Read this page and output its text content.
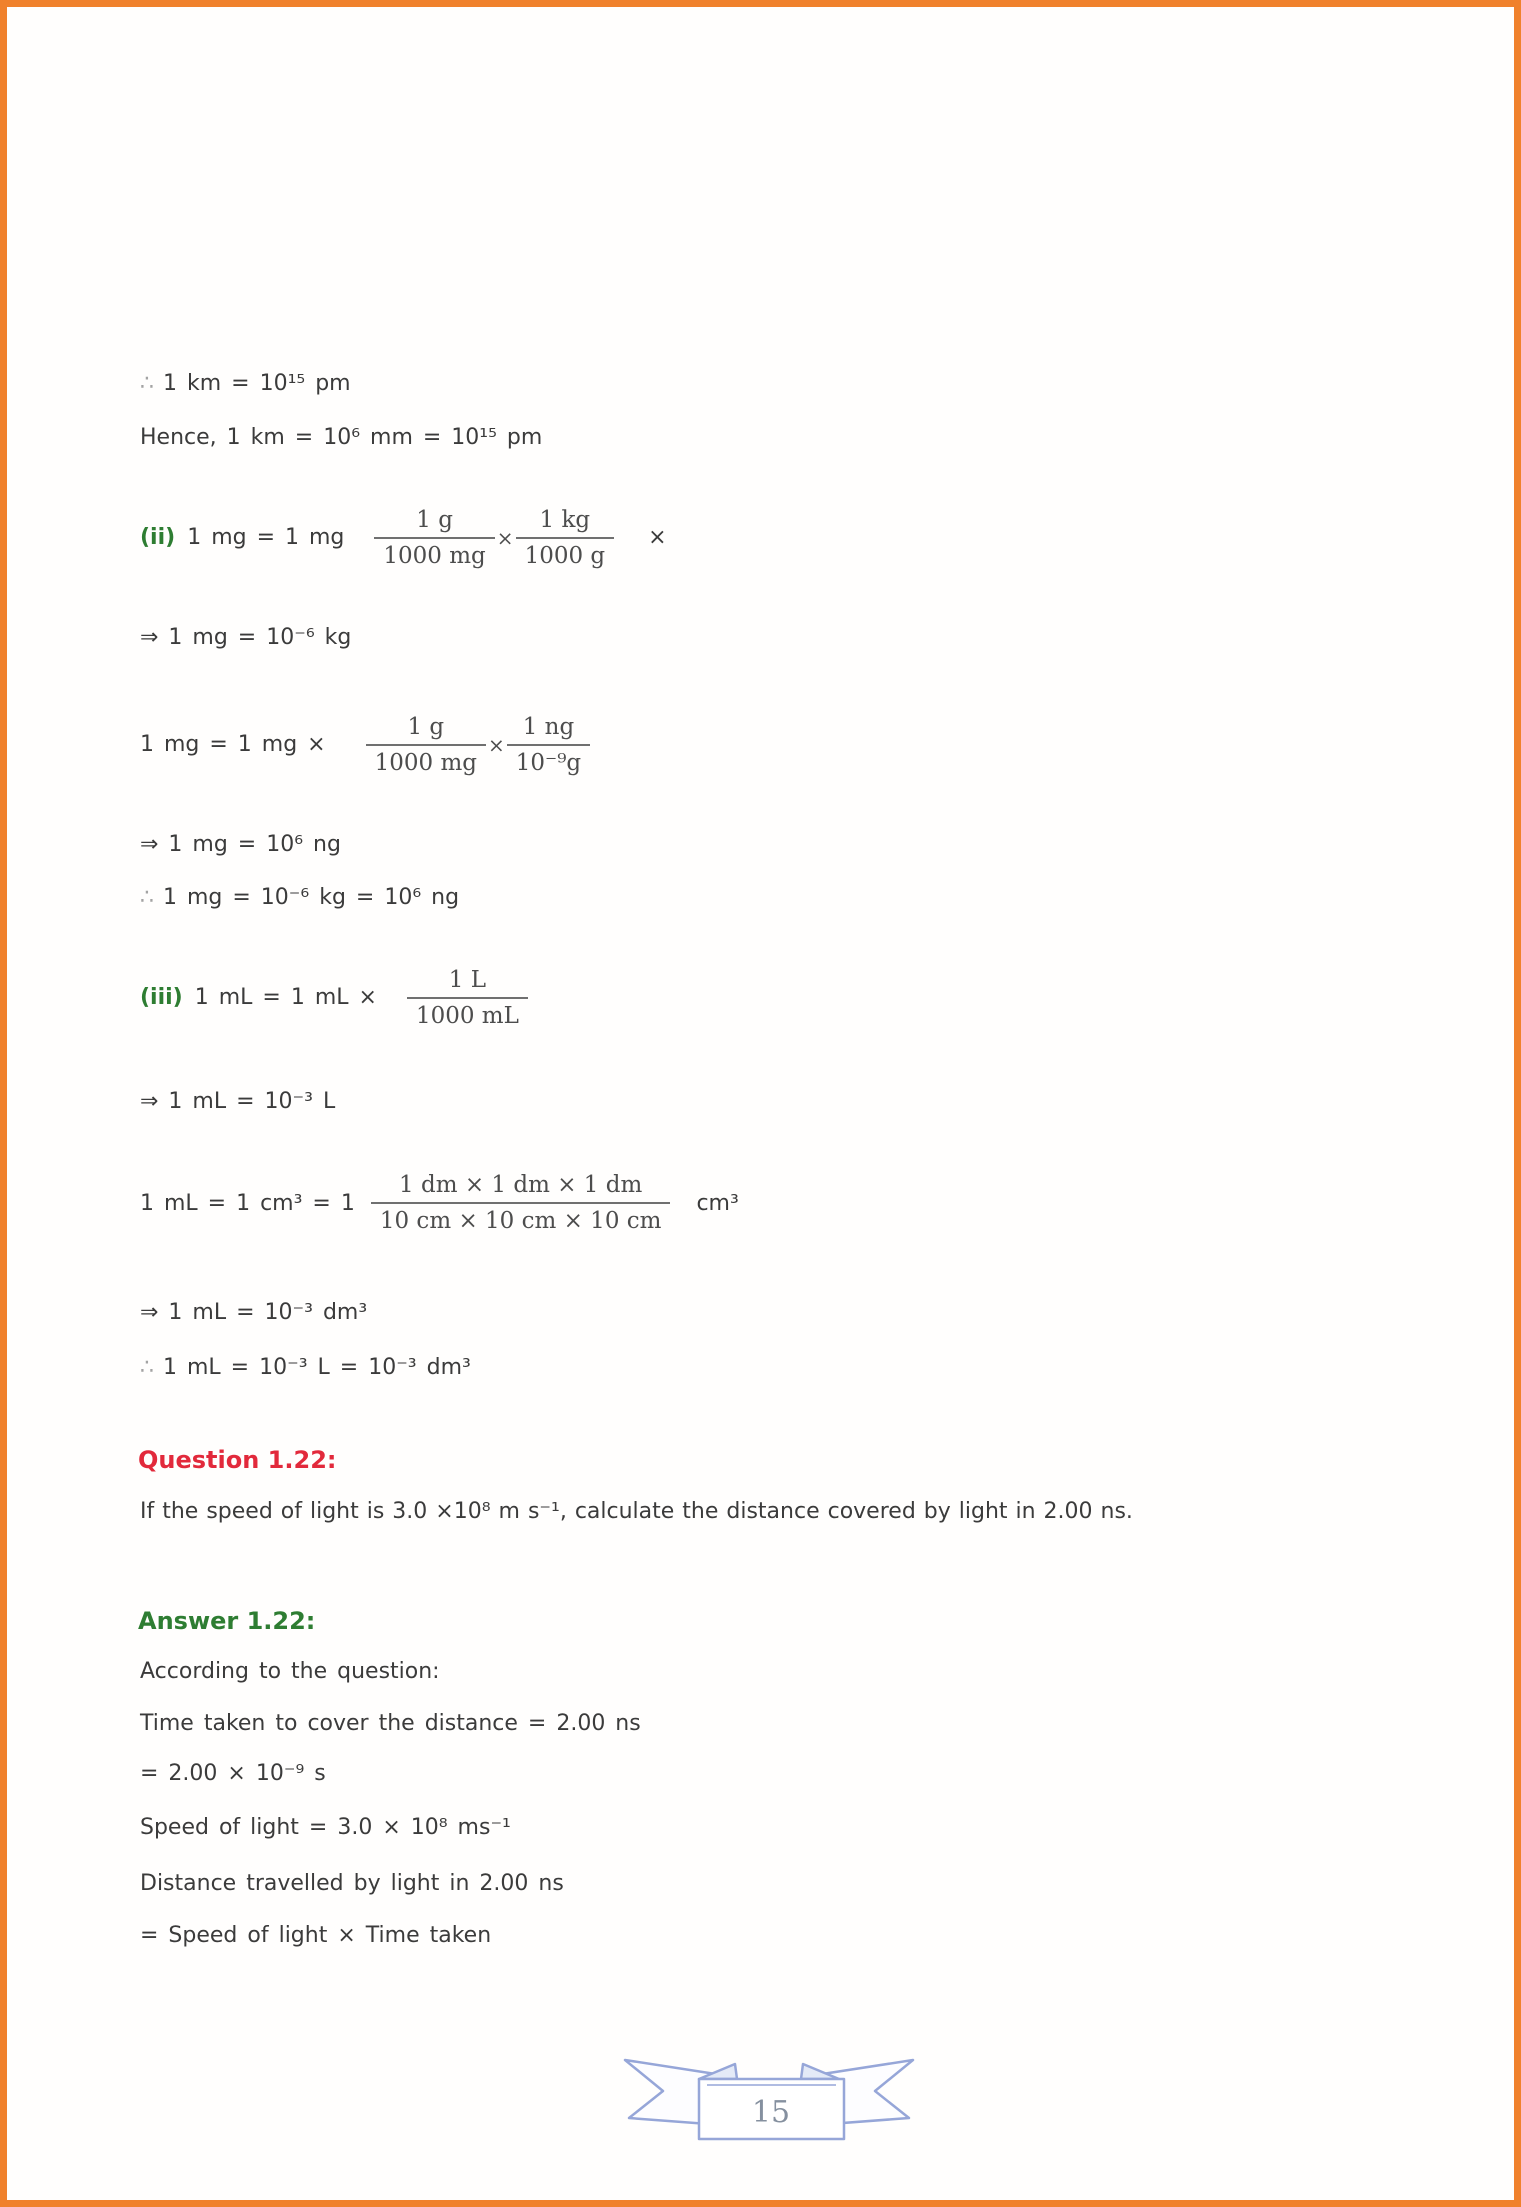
∴ 1 km = 10¹⁵ pm
Hence, 1 km = 10⁶ mm = 10¹⁵ pm
(ii) 1 mg = 1 mg $\frac{1 g}{1000 mg} \times \frac{1 kg}{1000 g}$ ×
⇒ 1 mg = 10⁻⁶ kg
1 mg = 1 mg × $\frac{1 g}{1000 mg} \times \frac{1 ng}{\text{10⁻⁹g}}$
⇒ 1 mg = 10⁶ ng
∴ 1 mg = 10⁻⁶ kg = 10⁶ ng
(iii) 1 mL = 1 mL × $\frac{1 L}{1000 mL}$
⇒ 1 mL = 10⁻³ L
1 mL = 1 $cm^3 = 1 \frac{1 dm \times 1 dm \times 1 dm}{10 cm \times 10 cm \times 10 cm} cm^3$
⇒ 1 mL = 10⁻³ dm³
∴ 1 mL = 10⁻³ L = 10⁻³ dm³
Question 1.22:
If the speed of light is 3.0 ×10⁸ m s⁻¹, calculate the distance covered by light in 2.00 ns.
Answer 1.22:
According to the question:
Time taken to cover the distance = 2.00 ns
= 2.00 × 10⁻⁹ s
Speed of light = 3.0 × 10⁸ ms⁻¹
Distance travelled by light in 2.00 ns
= Speed of light × Time taken
15
